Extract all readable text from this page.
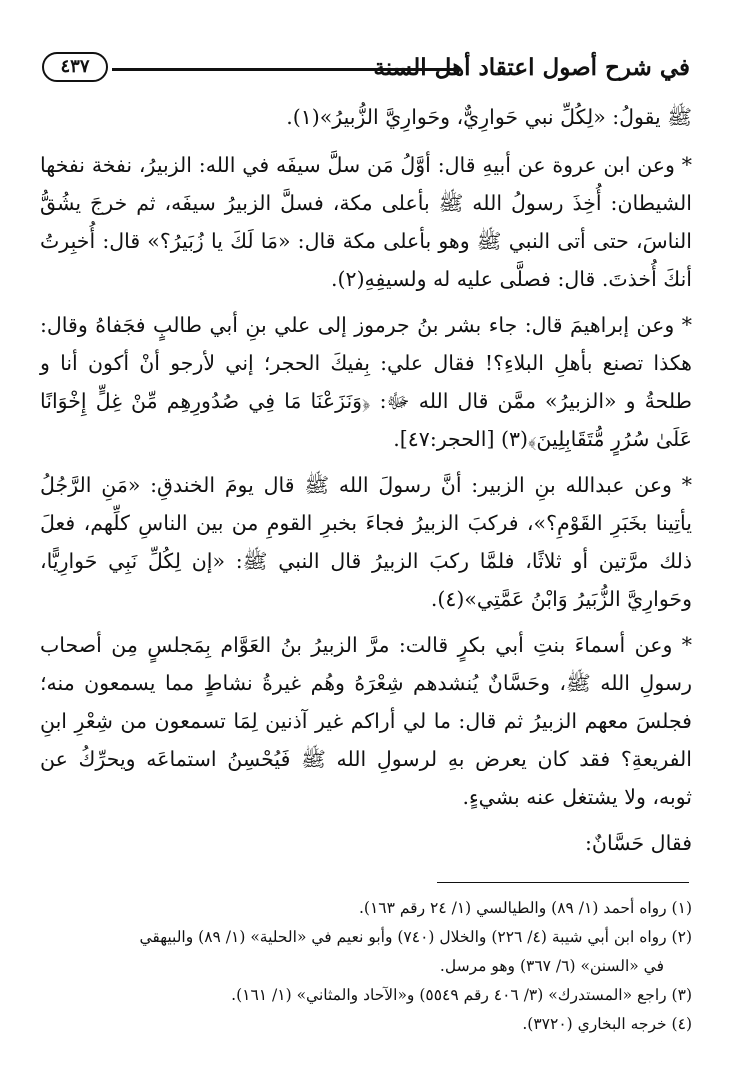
في شرح أصول اعتقاد أهل السنة
٤٣٧

ﷺ يقولُ: «لِكُلِّ نبي حَوارِيٌّ، وحَوارِيَّ الزُّبيرُ»(١).

* وعن ابن عروة عن أبيهِ قال: أوَّلُ مَن سلَّ سيفَه في الله: الزبيرُ، نفخة نفخها الشيطان: أُخِذَ رسولُ الله ﷺ بأعلى مكة، فسلَّ الزبيرُ سيفَه، ثم خرجَ يشُقُّ الناسَ، حتى أتى النبي ﷺ وهو بأعلى مكة قال: «مَا لَكَ يا زُبَيرُ؟» قال: أُخبِرتُ أنكَ أُخذتَ. قال: فصلَّى عليه له ولسيفِهِ(٢).

* وعن إبراهيمَ قال: جاء بشر بنُ جرموز إلى علي بنِ أبي طالبٍ فجَفاهُ وقال: هكذا تصنع بأهلِ البلاءِ؟! فقال علي: بِفيكَ الحجر؛ إني لأرجو أنْ أكون أنا و طلحةُ و «الزبيرُ» ممَّن قال الله ﷻ: ﴿وَنَزَعْنَا مَا فِي صُدُورِهِم مِّنْ غِلٍّ إِخْوَانًا عَلَىٰ سُرُرٍ مُّتَقَابِلِينَ﴾(٣) [الحجر:٤٧].

* وعن عبدالله بنِ الزبير: أنَّ رسولَ الله ﷺ قال يومَ الخندقِ: «مَنِ الرَّجُلُ يأتِينا بخَبَرِ القَوْمِ؟»، فركبَ الزبيرُ فجاءَ بخبرِ القومِ من بين الناسِ كلِّهم، فعلَ ذلك مرَّتين أو ثلاثًا، فلمَّا ركبَ الزبيرُ قال النبي ﷺ: «إن لِكُلِّ نَبِي حَوارِيًّا، وحَوارِيَّ الزُّبَيرُ وَابْنُ عَمَّتِي»(٤).

* وعن أسماءَ بنتِ أبي بكرٍ قالت: مرَّ الزبيرُ بنُ العَوَّام بِمَجلسٍ مِن أصحاب رسولِ الله ﷺ، وحَسَّانٌ يُنشدهم شِعْرَهُ وهُم غيرةُ نشاطٍ مما يسمعون منه؛ فجلسَ معهم الزبيرُ ثم قال: ما لي أراكم غير آذنين لِمَا تسمعون من شِعْرِ ابنِ الفريعةِ؟ فقد كان يعرض بهِ لرسولِ الله ﷺ فَيُحْسِنُ استماعَه ويحرِّكُ عن ثوبه، ولا يشتغل عنه بشيءٍ.

فقال حَسَّانٌ:

(١) رواه أحمد (١/ ٨٩) والطيالسي (١/ ٢٤ رقم ١٦٣).

(٢) رواه ابن أبي شيبة (٤/ ٢٢٦) والخلال (٧٤٠) وأبو نعيم في «الحلية» (١/ ٨٩) والبيهقي

في «السنن» (٦/ ٣٦٧) وهو مرسل.

(٣) راجع «المستدرك» (٣/ ٤٠٦ رقم ٥٥٤٩) و«الآحاد والمثاني» (١/ ١٦١).

(٤) خرجه البخاري (٣٧٢٠).
